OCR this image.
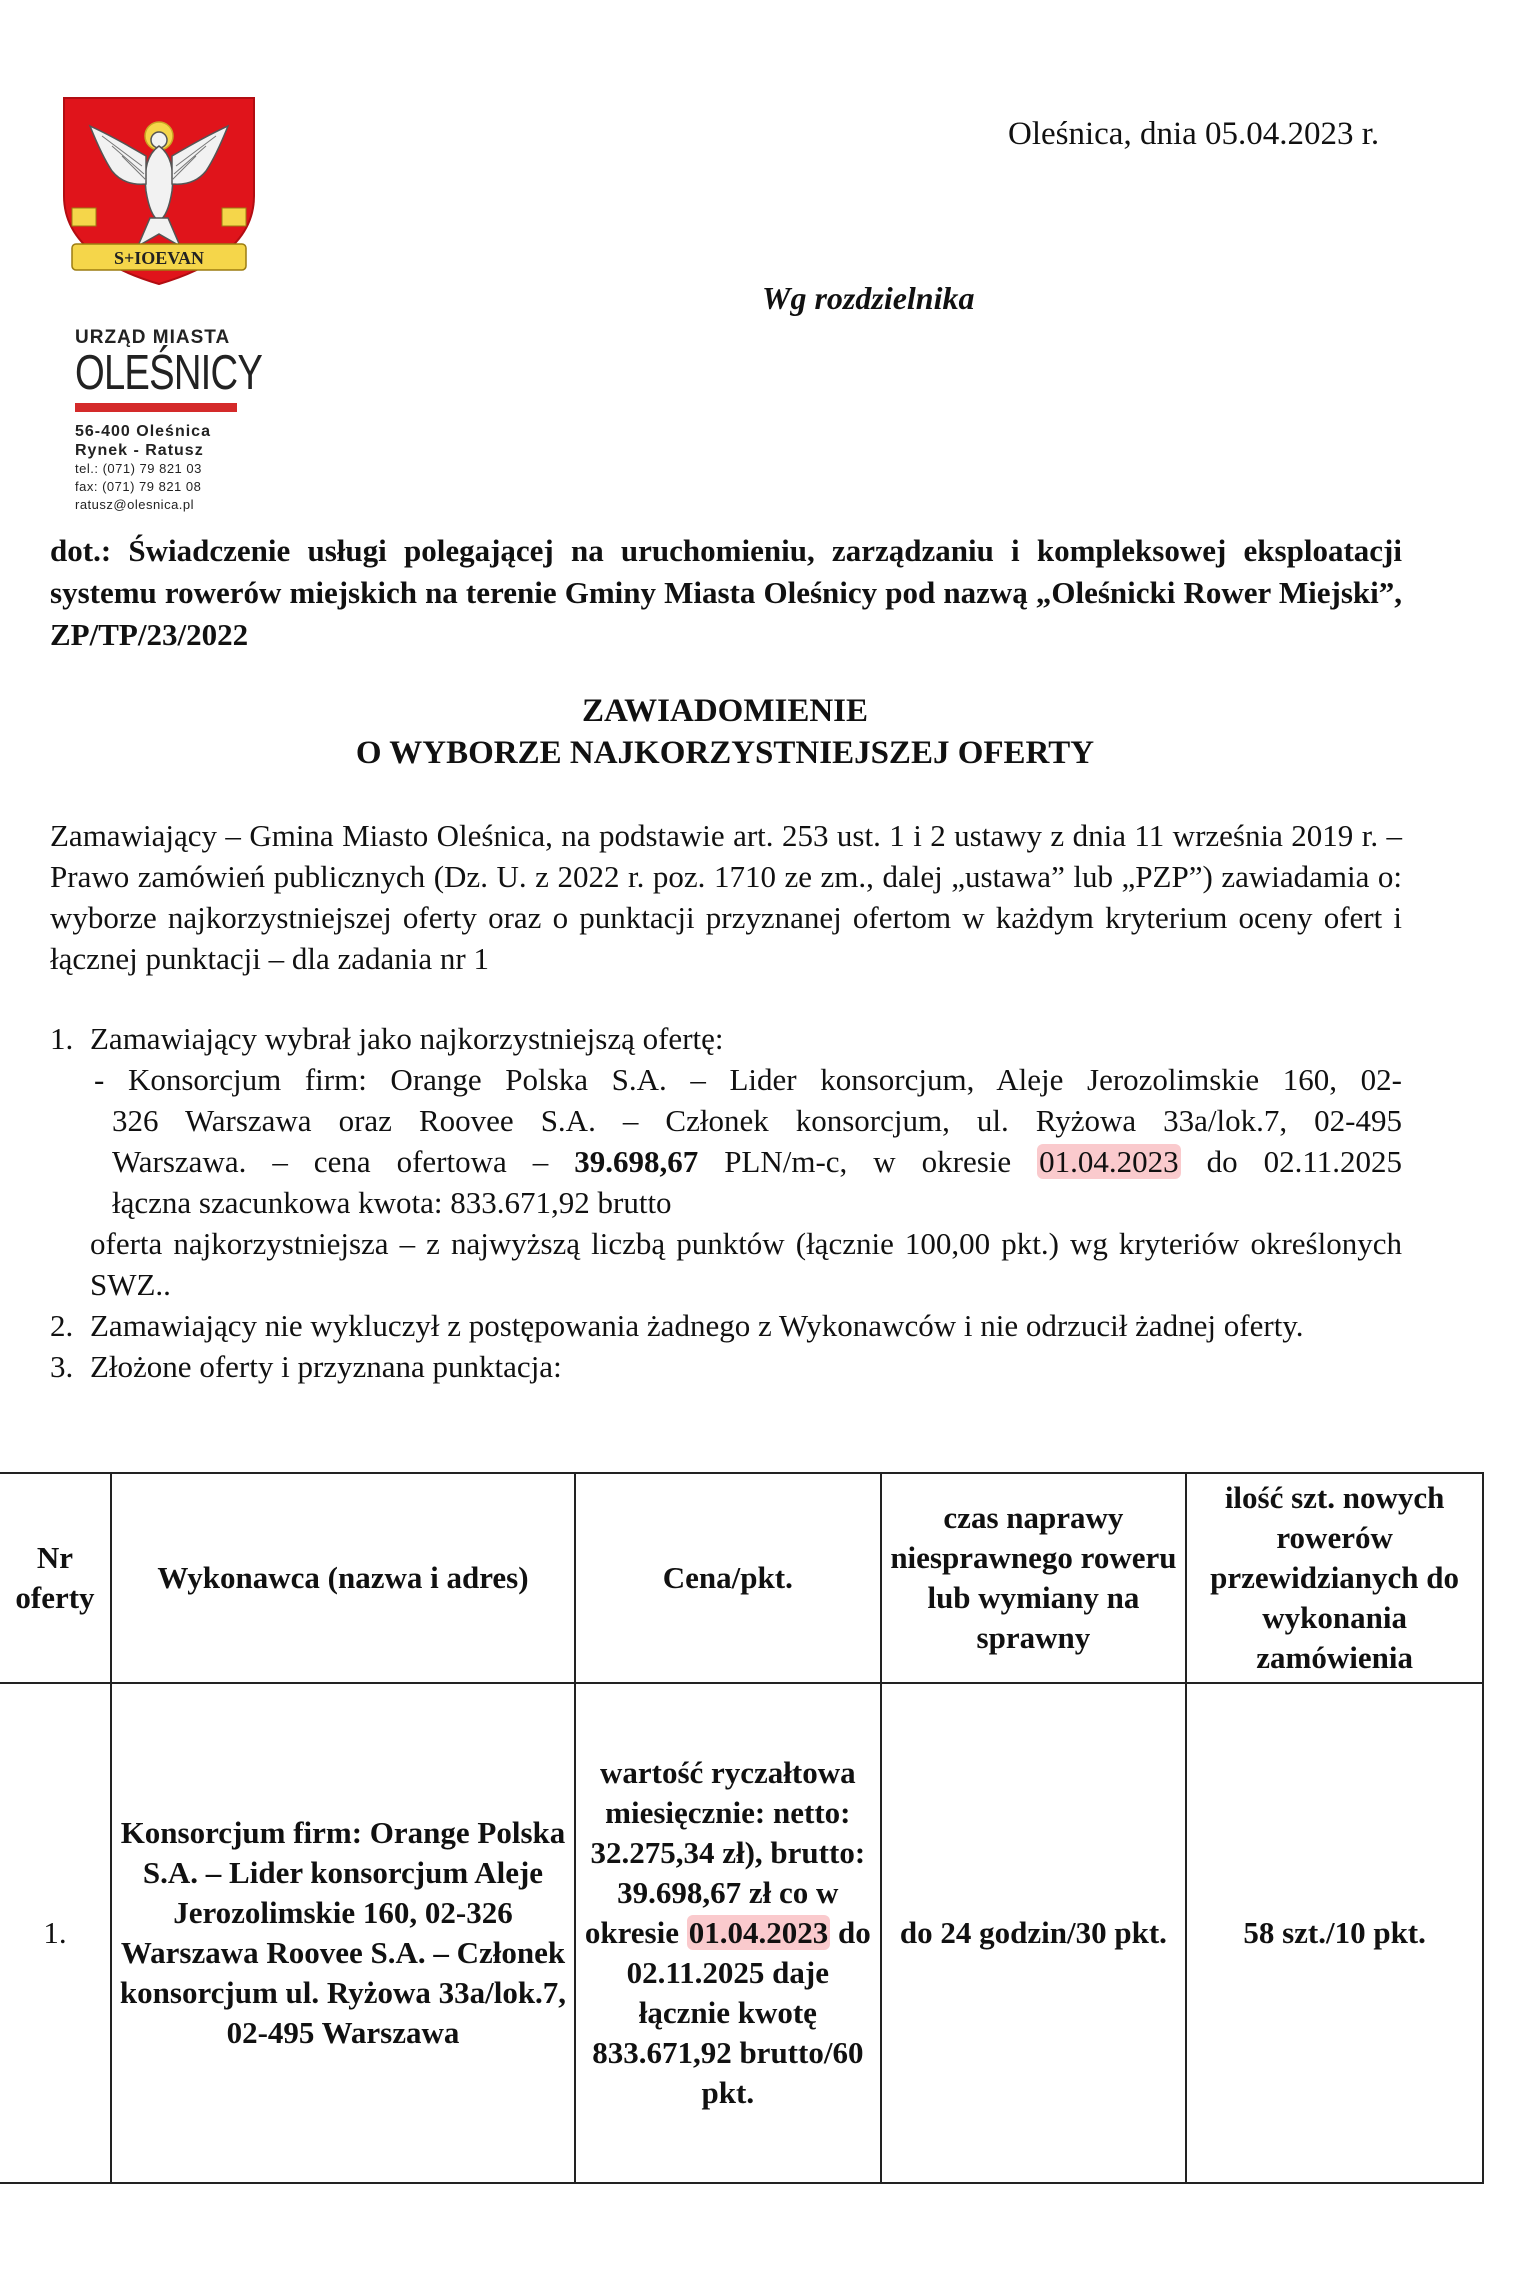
S+IOEVAN
URZĄD MIASTA
OLEŚNICY
56-400 Oleśnica
Rynek - Ratusz
tel.: (071) 79 821 03
fax: (071) 79 821 08
ratusz@olesnica.pl
Oleśnica, dnia 05.04.2023 r.
Wg rozdzielnika
dot.: Świadczenie usługi polegającej na uruchomieniu, zarządzaniu i kompleksowej eksploatacji systemu rowerów miejskich na terenie Gminy Miasta Oleśnicy pod nazwą „Oleśnicki Rower Miejski”, ZP/TP/23/2022
ZAWIADOMIENIE
O WYBORZE NAJKORZYSTNIEJSZEJ OFERTY
Zamawiający – Gmina Miasto Oleśnica, na podstawie art. 253 ust. 1 i 2 ustawy z dnia 11 września 2019 r. – Prawo zamówień publicznych (Dz. U. z 2022 r. poz. 1710 ze zm., dalej „ustawa” lub „PZP”) zawiadamia o: wyborze najkorzystniejszej oferty oraz o punktacji przyznanej ofertom w każdym kryterium oceny ofert i łącznej punktacji – dla zadania nr 1
1. Zamawiający wybrał jako najkorzystniejszą ofertę:
- Konsorcjum firm: Orange Polska S.A. – Lider konsorcjum, Aleje Jerozolimskie 160, 02-
326 Warszawa oraz Roovee S.A. – Członek konsorcjum, ul. Ryżowa 33a/lok.7, 02-495
Warszawa. – cena ofertowa – 39.698,67 PLN/m-c, w okresie 01.04.2023 do 02.11.2025
łączna szacunkowa kwota: 833.671,92 brutto
oferta najkorzystniejsza – z najwyższą liczbą punktów (łącznie 100,00 pkt.) wg kryteriów określonych SWZ..
2. Zamawiający nie wykluczył z postępowania żadnego z Wykonawców i nie odrzucił żadnej oferty.
3. Złożone oferty i przyznana punktacja:
Nr oferty	Wykonawca (nazwa i adres)	Cena/pkt.	czas naprawy niesprawnego roweru lub wymiany na sprawny	ilość szt. nowych rowerów przewidzianych do wykonania zamówienia
1.	Konsorcjum firm: Orange Polska S.A. – Lider konsorcjum Aleje Jerozolimskie 160, 02-326 Warszawa Roovee S.A. – Członek konsorcjum ul. Ryżowa 33a/lok.7, 02-495 Warszawa	wartość ryczałtowa miesięcznie: netto: 32.275,34 zł), brutto: 39.698,67 zł co w okresie 01.04.2023 do 02.11.2025 daje łącznie kwotę 833.671,92 brutto/60 pkt.	do 24 godzin/30 pkt.	58 szt./10 pkt.
